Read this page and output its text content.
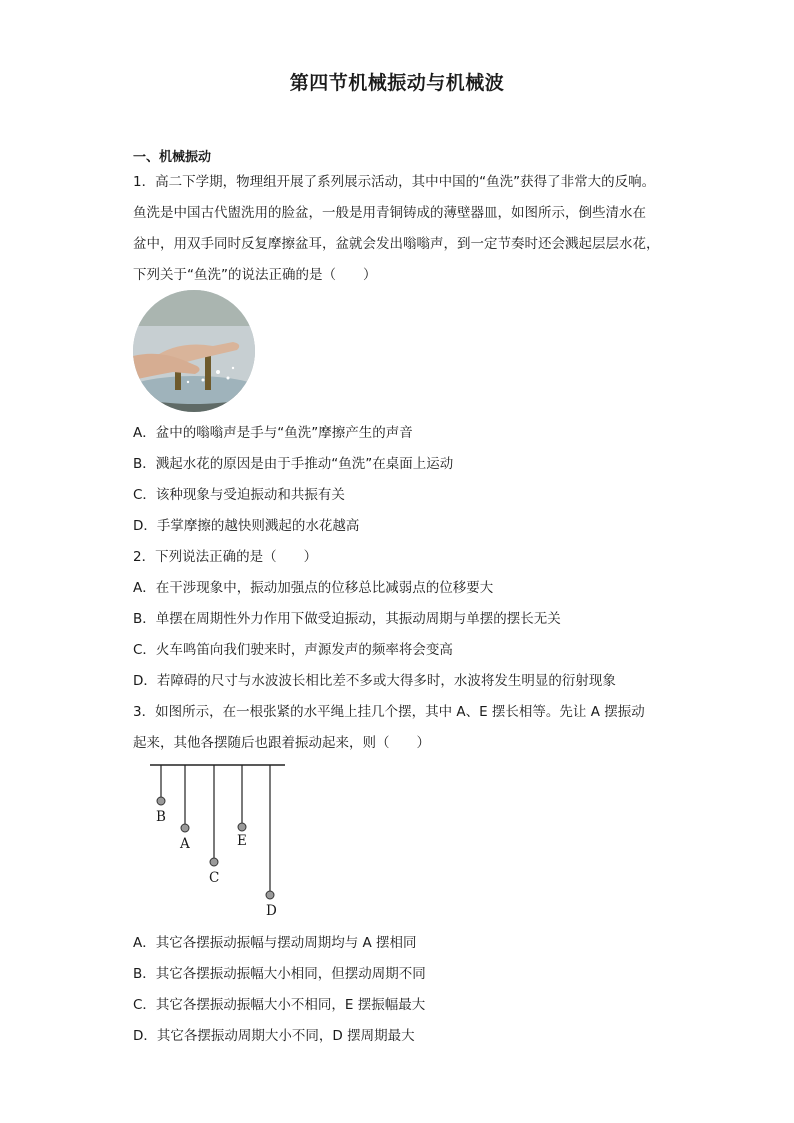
第四节机械振动与机械波
一、机械振动
1．高二下学期，物理组开展了系列展示活动，其中中国的“鱼洗”获得了非常大的反响。
鱼洗是中国古代盥洗用的脸盆，一般是用青铜铸成的薄壁器皿，如图所示，倒些清水在
盆中，用双手同时反复摩擦盆耳，盆就会发出嗡嗡声，到一定节奏时还会溅起层层水花，
下列关于“鱼洗”的说法正确的是（　　）
A．盆中的嗡嗡声是手与“鱼洗”摩擦产生的声音
B．溅起水花的原因是由于手推动“鱼洗”在桌面上运动
C．该种现象与受迫振动和共振有关
D．手掌摩擦的越快则溅起的水花越高
2．下列说法正确的是（　　）
A．在干涉现象中，振动加强点的位移总比减弱点的位移要大
B．单摆在周期性外力作用下做受迫振动，其振动周期与单摆的摆长无关
C．火车鸣笛向我们驶来时，声源发声的频率将会变高
D．若障碍的尺寸与水波波长相比差不多或大得多时，水波将发生明显的衍射现象
3．如图所示，在一根张紧的水平绳上挂几个摆，其中 A、E 摆长相等。先让 A 摆振动
起来，其他各摆随后也跟着振动起来，则（　　）
B
A
C
E
D
A．其它各摆振动振幅与摆动周期均与 A 摆相同
B．其它各摆振动振幅大小相同，但摆动周期不同
C．其它各摆振动振幅大小不相同，E 摆振幅最大
D．其它各摆振动周期大小不同，D 摆周期最大
